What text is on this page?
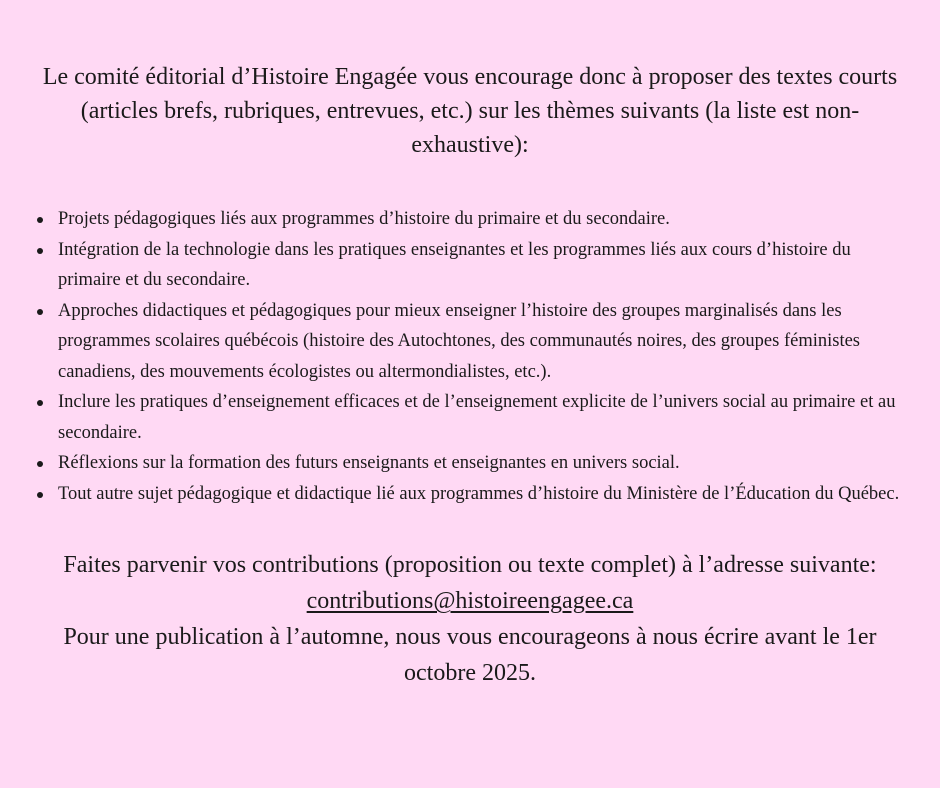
Le comité éditorial d’Histoire Engagée vous encourage donc à proposer des textes courts (articles brefs, rubriques, entrevues, etc.) sur les thèmes suivants (la liste est non-exhaustive):

Projets pédagogiques liés aux programmes d’histoire du primaire et du secondaire.
Intégration de la technologie dans les pratiques enseignantes et les programmes liés aux cours d’histoire du primaire et du secondaire.
Approches didactiques et pédagogiques pour mieux enseigner l’histoire des groupes marginalisés dans les programmes scolaires québécois (histoire des Autochtones, des communautés noires, des groupes féministes canadiens, des mouvements écologistes ou altermondialistes, etc.).
Inclure les pratiques d’enseignement efficaces et de l’enseignement explicite de l’univers social au primaire et au secondaire.
Réflexions sur la formation des futurs enseignants et enseignantes en univers social.
Tout autre sujet pédagogique et didactique lié aux programmes d’histoire du Ministère de l’Éducation du Québec.

Faites parvenir vos contributions (proposition ou texte complet) à l’adresse suivante: contributions@histoireengagee.ca

Pour une publication à l’automne, nous vous encourageons à nous écrire avant le 1er octobre 2025.
